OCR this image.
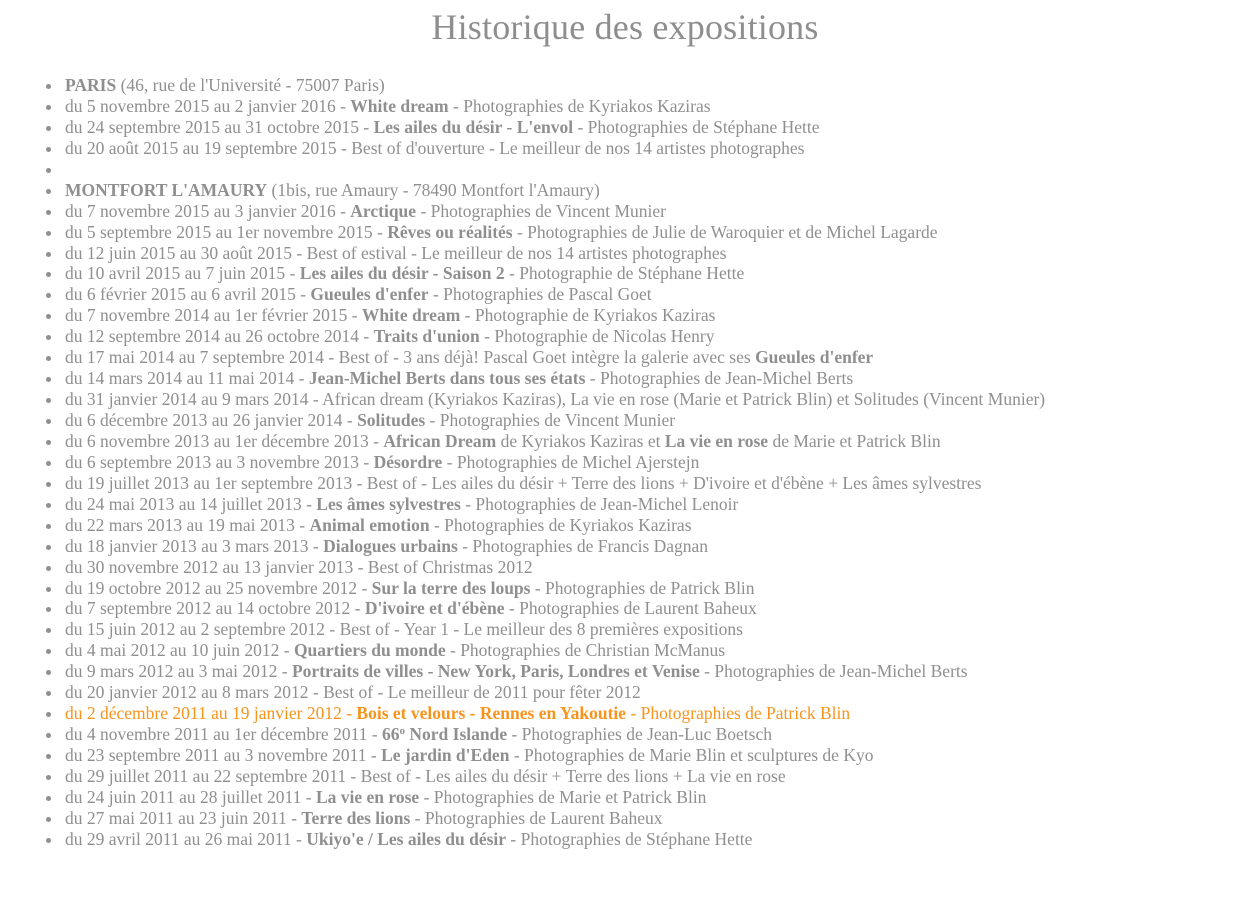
Historique des expositions
PARIS (46, rue de l'Université - 75007 Paris)
du 5 novembre 2015 au 2 janvier 2016 - White dream - Photographies de Kyriakos Kaziras
du 24 septembre 2015 au 31 octobre 2015 - Les ailes du désir - L'envol - Photographies de Stéphane Hette
du 20 août 2015 au 19 septembre 2015 - Best of d'ouverture - Le meilleur de nos 14 artistes photographes
MONTFORT L'AMAURY (1bis, rue Amaury - 78490 Montfort l'Amaury)
du 7 novembre 2015 au 3 janvier 2016 - Arctique - Photographies de Vincent Munier
du 5 septembre 2015 au 1er novembre 2015 - Rêves ou réalités - Photographies de Julie de Waroquier et de Michel Lagarde
du 12 juin 2015 au 30 août 2015 - Best of estival - Le meilleur de nos 14 artistes photographes
du 10 avril 2015 au 7 juin 2015 - Les ailes du désir - Saison 2 - Photographie de Stéphane Hette
du 6 février 2015 au 6 avril 2015 - Gueules d'enfer - Photographies de Pascal Goet
du 7 novembre 2014 au 1er février 2015 - White dream - Photographie de Kyriakos Kaziras
du 12 septembre 2014 au 26 octobre 2014 - Traits d'union - Photographie de Nicolas Henry
du 17 mai 2014 au 7 septembre 2014 - Best of - 3 ans déjà! Pascal Goet intègre la galerie avec ses Gueules d'enfer
du 14 mars 2014 au 11 mai 2014 - Jean-Michel Berts dans tous ses états - Photographies de Jean-Michel Berts
du 31 janvier 2014 au 9 mars 2014 - African dream (Kyriakos Kaziras), La vie en rose (Marie et Patrick Blin) et Solitudes (Vincent Munier)
du 6 décembre 2013 au 26 janvier 2014 - Solitudes - Photographies de Vincent Munier
du 6 novembre 2013 au 1er décembre 2013 - African Dream de Kyriakos Kaziras et La vie en rose de Marie et Patrick Blin
du 6 septembre 2013 au 3 novembre 2013 - Désordre - Photographies de Michel Ajerstejn
du 19 juillet 2013 au 1er septembre 2013 - Best of - Les ailes du désir + Terre des lions + D'ivoire et d'ébène + Les âmes sylvestres
du 24 mai 2013 au 14 juillet 2013 - Les âmes sylvestres - Photographies de Jean-Michel Lenoir
du 22 mars 2013 au 19 mai 2013 - Animal emotion - Photographies de Kyriakos Kaziras
du 18 janvier 2013 au 3 mars 2013 - Dialogues urbains - Photographies de Francis Dagnan
du 30 novembre 2012 au 13 janvier 2013 - Best of Christmas 2012
du 19 octobre 2012 au 25 novembre 2012 - Sur la terre des loups - Photographies de Patrick Blin
du 7 septembre 2012 au 14 octobre 2012 - D'ivoire et d'ébène - Photographies de Laurent Baheux
du 15 juin 2012 au 2 septembre 2012 - Best of - Year 1 - Le meilleur des 8 premières expositions
du 4 mai 2012 au 10 juin 2012 - Quartiers du monde - Photographies de Christian McManus
du 9 mars 2012 au 3 mai 2012 - Portraits de villes - New York, Paris, Londres et Venise - Photographies de Jean-Michel Berts
du 20 janvier 2012 au 8 mars 2012 - Best of - Le meilleur de 2011 pour fêter 2012
du 2 décembre 2011 au 19 janvier 2012 - Bois et velours - Rennes en Yakoutie - Photographies de Patrick Blin
du 4 novembre 2011 au 1er décembre 2011 - 66$^o$ Nord Islande - Photographies de Jean-Luc Boetsch
du 23 septembre 2011 au 3 novembre 2011 - Le jardin d'Eden - Photographies de Marie Blin et sculptures de Kyo
du 29 juillet 2011 au 22 septembre 2011 - Best of - Les ailes du désir + Terre des lions + La vie en rose
du 24 juin 2011 au 28 juillet 2011 - La vie en rose - Photographies de Marie et Patrick Blin
du 27 mai 2011 au 23 juin 2011 - Terre des lions - Photographies de Laurent Baheux
du 29 avril 2011 au 26 mai 2011 - Ukiyo'e / Les ailes du désir - Photographies de Stéphane Hette
